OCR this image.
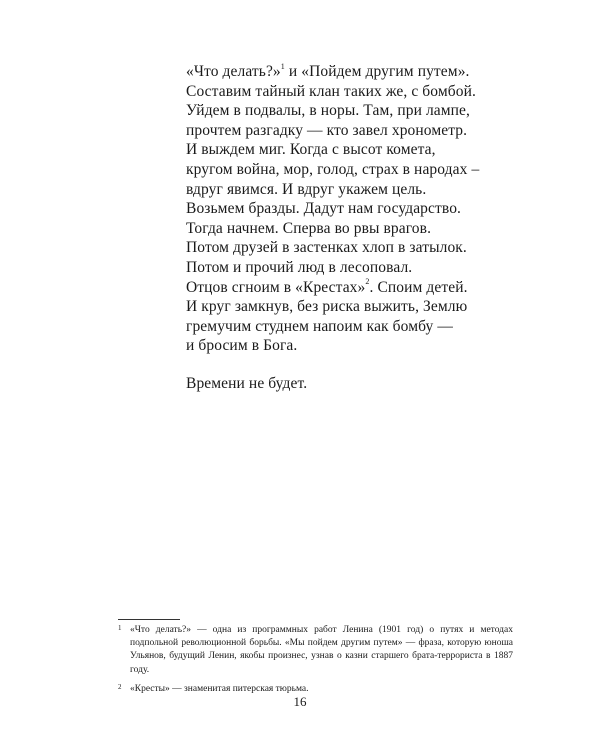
«Что делать?»$^1$ и «Пойдем другим путем».
Составим тайный клан таких же, с бомбой.
Уйдем в подвалы, в норы. Там, при лампе,
прочтем разгадку — кто завел хронометр.
И выждем миг. Когда с высот комета,
кругом война, мор, голод, страх в народах –
вдруг явимся. И вдруг укажем цель.
Возьмем бразды. Дадут нам государство.
Тогда начнем. Сперва во рвы врагов.
Потом друзей в застенках хлоп в затылок.
Потом и прочий люд в лесоповал.
Отцов сгноим в «Крестах»$^2$. Споим детей.
И круг замкнув, без риска выжить, Землю
гремучим студнем напоим как бомбу —
и бросим в Бога.
Времени не будет.
1 «Что делать?» — одна из программных работ Ленина (1901 год) о путях и методах подпольной революционной борьбы. «Мы пойдем другим путем» — фраза, которую юноша Ульянов, будущий Ленин, якобы произнес, узнав о казни старшего брата-террориста в 1887 году.
2 «Кресты» — знаменитая питерская тюрьма.
16
